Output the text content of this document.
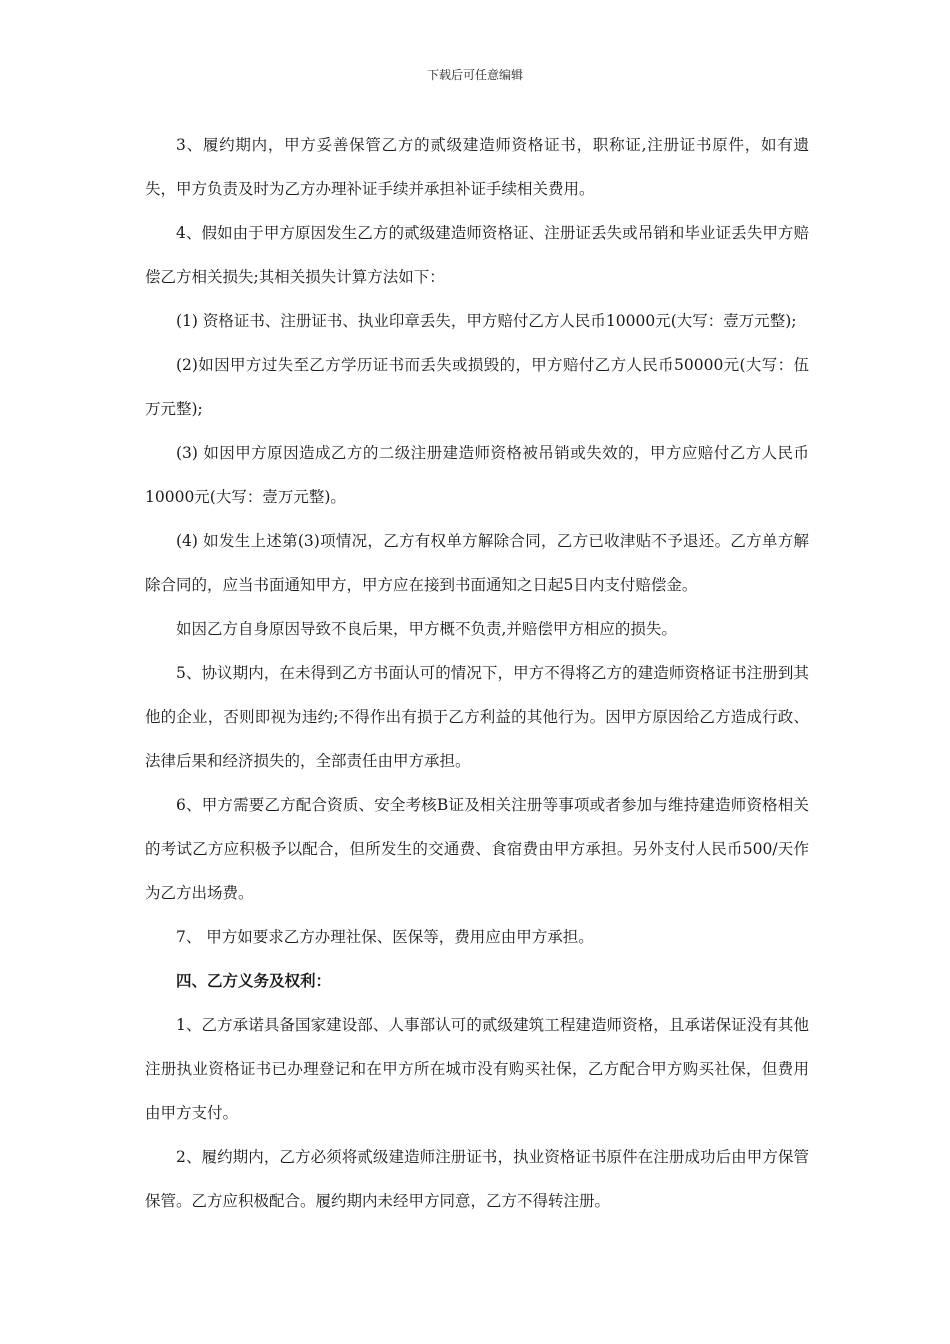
下载后可任意编辑

3、履约期内，甲方妥善保管乙方的贰级建造师资格证书，职称证,注册证书原件，如有遗失，甲方负责及时为乙方办理补证手续并承担补证手续相关费用。

4、假如由于甲方原因发生乙方的贰级建造师资格证、注册证丢失或吊销和毕业证丢失甲方赔偿乙方相关损失;其相关损失计算方法如下：

(1) 资格证书、注册证书、执业印章丢失，甲方赔付乙方人民币10000元(大写：壹万元整);

(2)如因甲方过失至乙方学历证书而丢失或损毁的，甲方赔付乙方人民币50000元(大写：伍万元整);

(3) 如因甲方原因造成乙方的二级注册建造师资格被吊销或失效的，甲方应赔付乙方人民币10000元(大写：壹万元整)。

(4) 如发生上述第(3)项情况，乙方有权单方解除合同，乙方已收津贴不予退还。乙方单方解除合同的，应当书面通知甲方，甲方应在接到书面通知之日起5日内支付赔偿金。

如因乙方自身原因导致不良后果，甲方概不负责,并赔偿甲方相应的损失。

5、协议期内，在未得到乙方书面认可的情况下，甲方不得将乙方的建造师资格证书注册到其他的企业，否则即视为违约;不得作出有损于乙方利益的其他行为。因甲方原因给乙方造成行政、法律后果和经济损失的，全部责任由甲方承担。

6、甲方需要乙方配合资质、安全考核B证及相关注册等事项或者参加与维持建造师资格相关的考试乙方应积极予以配合，但所发生的交通费、食宿费由甲方承担。另外支付人民币500/天作为乙方出场费。

7、 甲方如要求乙方办理社保、医保等，费用应由甲方承担。

四、乙方义务及权利：

1、乙方承诺具备国家建设部、人事部认可的贰级建筑工程建造师资格，且承诺保证没有其他注册执业资格证书已办理登记和在甲方所在城市没有购买社保，乙方配合甲方购买社保，但费用由甲方支付。

2、履约期内，乙方必须将贰级建造师注册证书，执业资格证书原件在注册成功后由甲方保管保管。乙方应积极配合。履约期内未经甲方同意，乙方不得转注册。
